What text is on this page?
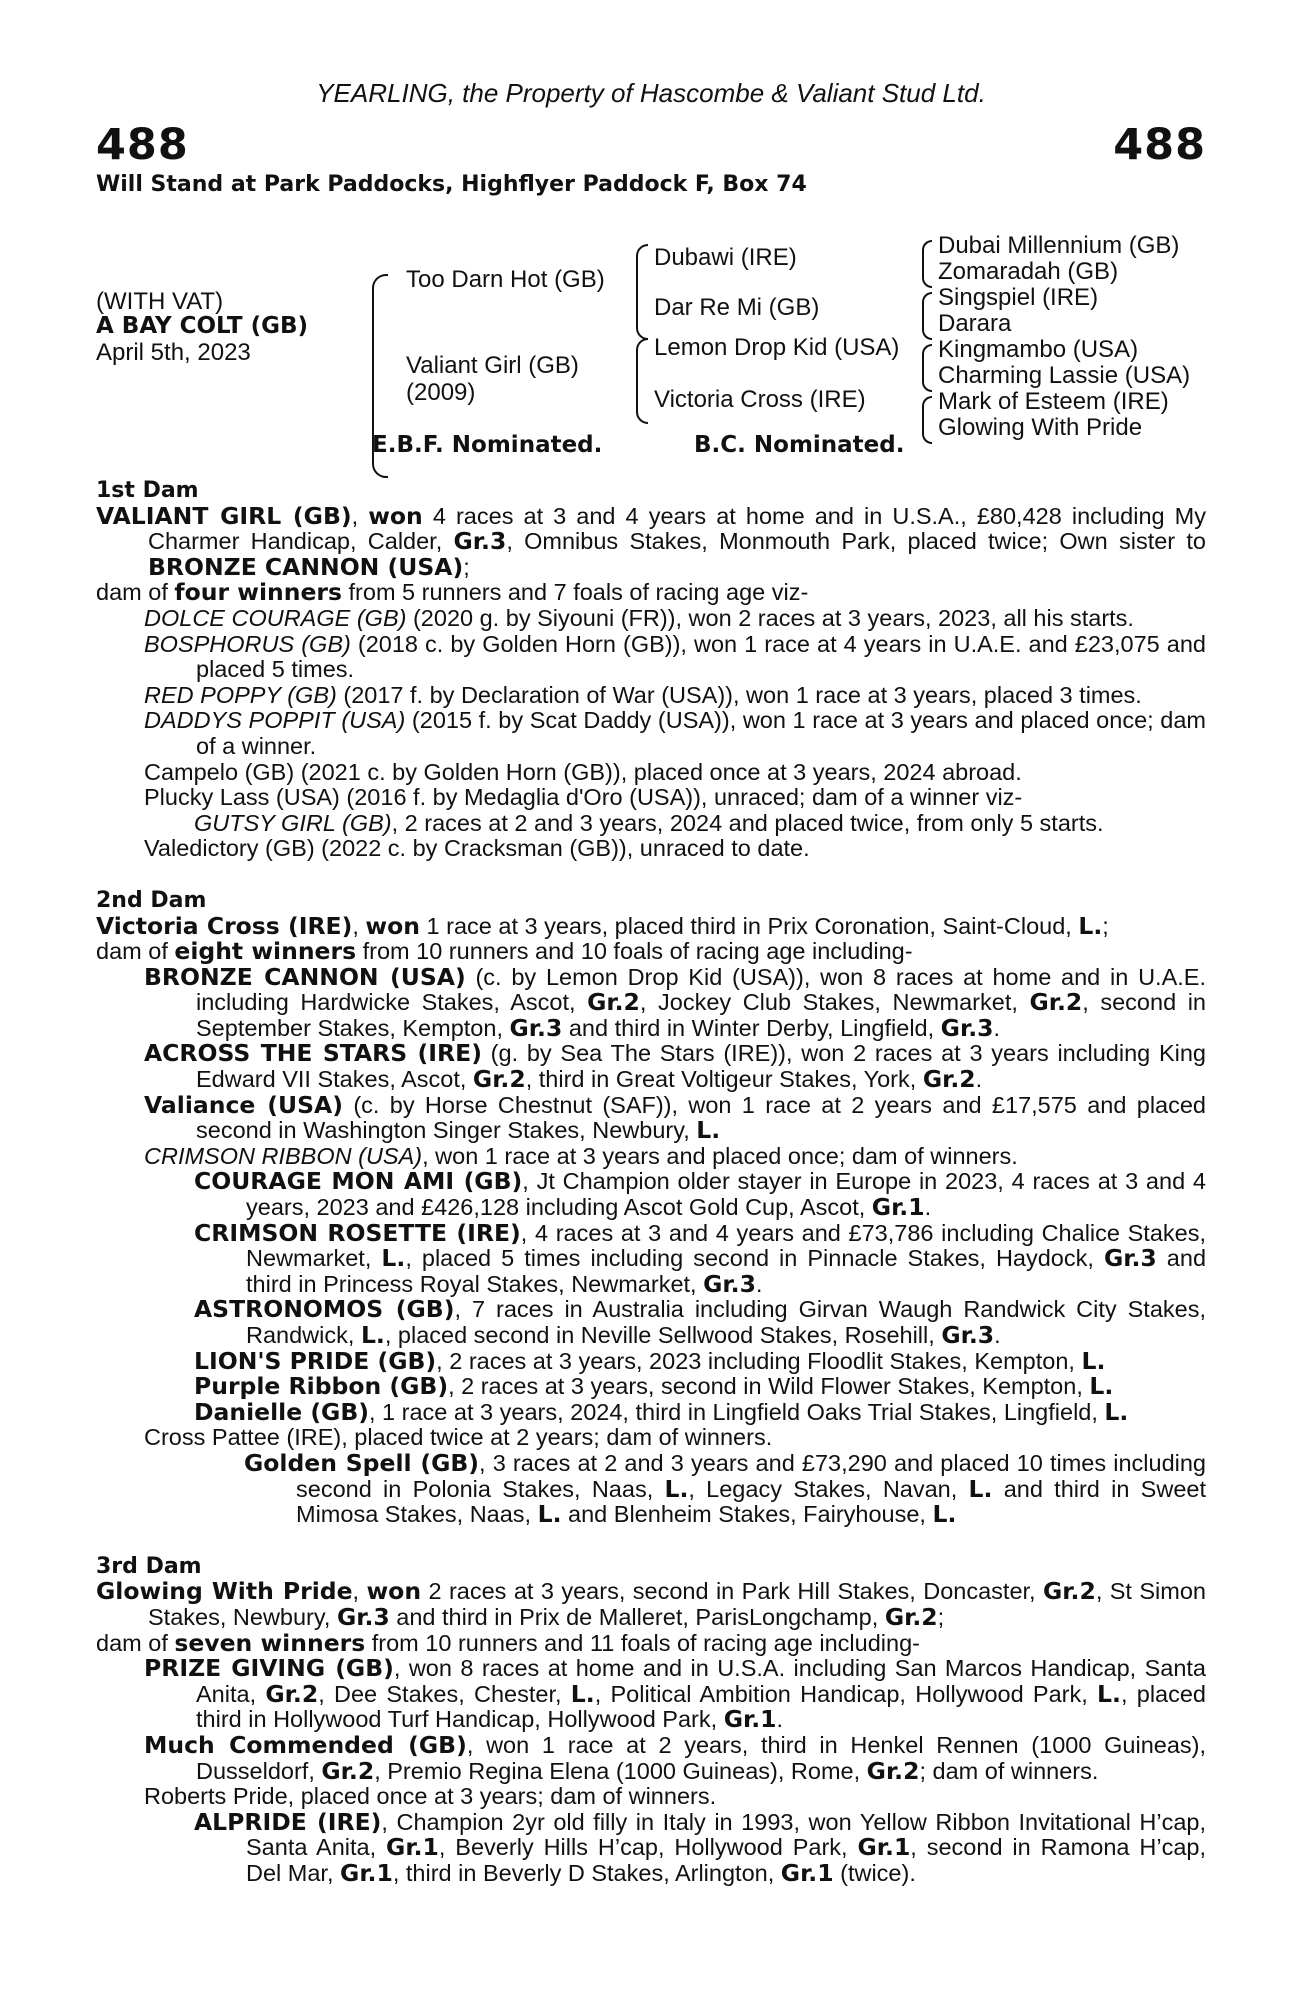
YEARLING, the Property of Hascombe & Valiant Stud Ltd.
488	488
Will Stand at Park Paddocks, Highflyer Paddock F, Box 74
(WITH VAT)
A BAY COLT (GB)
April 5th, 2023
Too Darn Hot (GB)
Valiant Girl (GB)
(2009)
Dubawi (IRE)
Dar Re Mi (GB)
Lemon Drop Kid (USA)
Victoria Cross (IRE)
Dubai Millennium (GB)
Zomaradah (GB)
Singspiel (IRE)
Darara
Kingmambo (USA)
Charming Lassie (USA)
Mark of Esteem (IRE)
Glowing With Pride
E.B.F. Nominated.	B.C. Nominated.

1st Dam

VALIANT GIRL (GB), won 4 races at 3 and 4 years at home and in U.S.A., £80,428 including My Charmer Handicap, Calder, Gr.3, Omnibus Stakes, Monmouth Park, placed twice; Own sister to BRONZE CANNON (USA);

dam of four winners from 5 runners and 7 foals of racing age viz-

DOLCE COURAGE (GB) (2020 g. by Siyouni (FR)), won 2 races at 3 years, 2023, all his starts.

BOSPHORUS (GB) (2018 c. by Golden Horn (GB)), won 1 race at 4 years in U.A.E. and £23,075 and placed 5 times.

RED POPPY (GB) (2017 f. by Declaration of War (USA)), won 1 race at 3 years, placed 3 times.

DADDYS POPPIT (USA) (2015 f. by Scat Daddy (USA)), won 1 race at 3 years and placed once; dam of a winner.

Campelo (GB) (2021 c. by Golden Horn (GB)), placed once at 3 years, 2024 abroad.

Plucky Lass (USA) (2016 f. by Medaglia d'Oro (USA)), unraced; dam of a winner viz-

GUTSY GIRL (GB), 2 races at 2 and 3 years, 2024 and placed twice, from only 5 starts.

Valedictory (GB) (2022 c. by Cracksman (GB)), unraced to date.

2nd Dam

Victoria Cross (IRE), won 1 race at 3 years, placed third in Prix Coronation, Saint-Cloud, L.;

dam of eight winners from 10 runners and 10 foals of racing age including-

BRONZE CANNON (USA) (c. by Lemon Drop Kid (USA)), won 8 races at home and in U.A.E. including Hardwicke Stakes, Ascot, Gr.2, Jockey Club Stakes, Newmarket, Gr.2, second in September Stakes, Kempton, Gr.3 and third in Winter Derby, Lingfield, Gr.3.

ACROSS THE STARS (IRE) (g. by Sea The Stars (IRE)), won 2 races at 3 years including King Edward VII Stakes, Ascot, Gr.2, third in Great Voltigeur Stakes, York, Gr.2.

Valiance (USA) (c. by Horse Chestnut (SAF)), won 1 race at 2 years and £17,575 and placed second in Washington Singer Stakes, Newbury, L.

CRIMSON RIBBON (USA), won 1 race at 3 years and placed once; dam of winners.

COURAGE MON AMI (GB), Jt Champion older stayer in Europe in 2023, 4 races at 3 and 4 years, 2023 and £426,128 including Ascot Gold Cup, Ascot, Gr.1.

CRIMSON ROSETTE (IRE), 4 races at 3 and 4 years and £73,786 including Chalice Stakes, Newmarket, L., placed 5 times including second in Pinnacle Stakes, Haydock, Gr.3 and third in Princess Royal Stakes, Newmarket, Gr.3.

ASTRONOMOS (GB), 7 races in Australia including Girvan Waugh Randwick City Stakes, Randwick, L., placed second in Neville Sellwood Stakes, Rosehill, Gr.3.

LION'S PRIDE (GB), 2 races at 3 years, 2023 including Floodlit Stakes, Kempton, L.

Purple Ribbon (GB), 2 races at 3 years, second in Wild Flower Stakes, Kempton, L.

Danielle (GB), 1 race at 3 years, 2024, third in Lingfield Oaks Trial Stakes, Lingfield, L.

Cross Pattee (IRE), placed twice at 2 years; dam of winners.

Golden Spell (GB), 3 races at 2 and 3 years and £73,290 and placed 10 times including second in Polonia Stakes, Naas, L., Legacy Stakes, Navan, L. and third in Sweet Mimosa Stakes, Naas, L. and Blenheim Stakes, Fairyhouse, L.

3rd Dam

Glowing With Pride, won 2 races at 3 years, second in Park Hill Stakes, Doncaster, Gr.2, St Simon Stakes, Newbury, Gr.3 and third in Prix de Malleret, ParisLongchamp, Gr.2;

dam of seven winners from 10 runners and 11 foals of racing age including-

PRIZE GIVING (GB), won 8 races at home and in U.S.A. including San Marcos Handicap, Santa Anita, Gr.2, Dee Stakes, Chester, L., Political Ambition Handicap, Hollywood Park, L., placed third in Hollywood Turf Handicap, Hollywood Park, Gr.1.

Much Commended (GB), won 1 race at 2 years, third in Henkel Rennen (1000 Guineas), Dusseldorf, Gr.2, Premio Regina Elena (1000 Guineas), Rome, Gr.2; dam of winners.

Roberts Pride, placed once at 3 years; dam of winners.

ALPRIDE (IRE), Champion 2yr old filly in Italy in 1993, won Yellow Ribbon Invitational H’cap, Santa Anita, Gr.1, Beverly Hills H’cap, Hollywood Park, Gr.1, second in Ramona H’cap, Del Mar, Gr.1, third in Beverly D Stakes, Arlington, Gr.1 (twice).
